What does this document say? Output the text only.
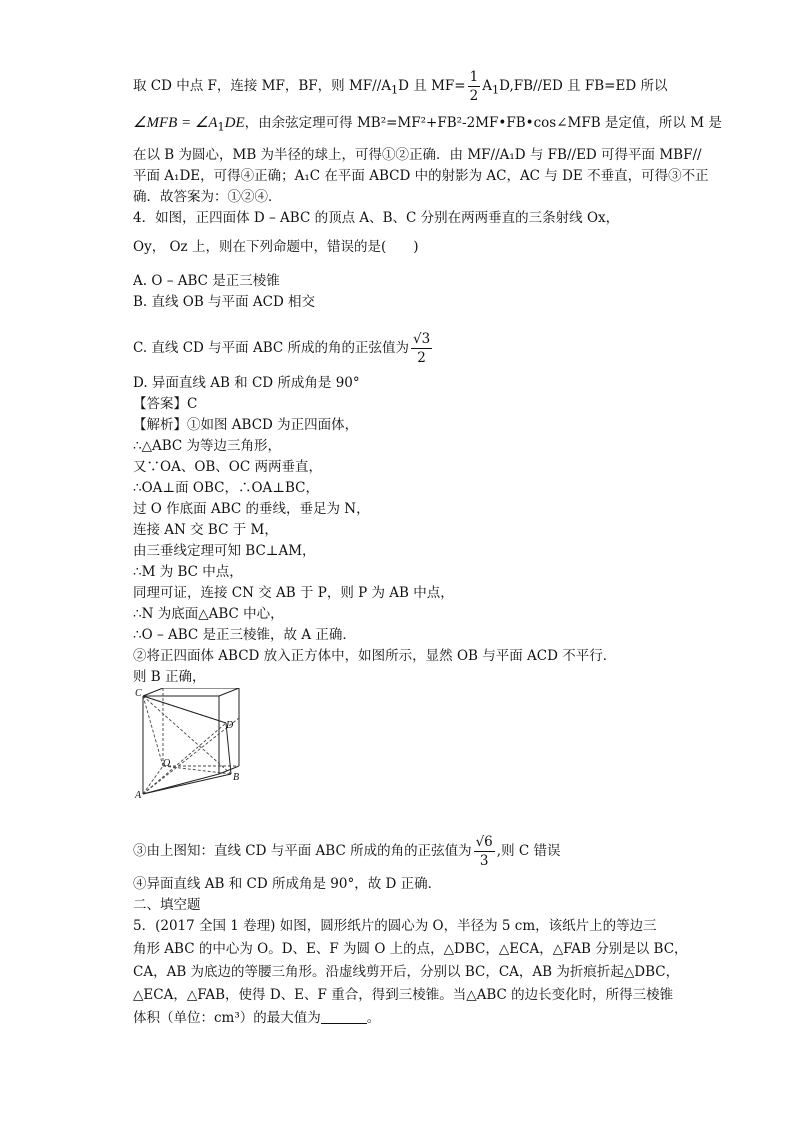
取 CD 中点 F，连接 MF，BF，则 $MF//A_1D$ 且 $MF= \frac{1}{2} A_1D,FB//ED$ 且 FB=ED 所以
∠MFB = $\angle A_1DE$，由余弦定理可得 MB²=MF²+FB²-2MF•FB•cos∠MFB 是定值，所以 M 是
在以 B 为圆心，MB 为半径的球上，可得①②正确．由 MF//A₁D 与 FB//ED 可得平面 MBF//
平面 A₁DE，可得④正确；A₁C 在平面 ABCD 中的射影为 AC，AC 与 DE 不垂直，可得③不正
确．故答案为：①②④．
4．如图，正四面体 D – ABC 的顶点 A、B、C 分别在两两垂直的三条射线 Ox，
Oy， Oz 上，则在下列命题中，错误的是(　　)
A. O – ABC 是正三棱锥
B. 直线 OB 与平面 ACD 相交
C. 直线 CD 与平面 ABC 所成的角的正弦值为 $\frac{√3}{2}$
D. 异面直线 AB 和 CD 所成角是 90°
【答案】C
【解析】①如图 ABCD 为正四面体，
∴△ABC 为等边三角形，
又∵OA、OB、OC 两两垂直，
∴OA⊥面 OBC，∴OA⊥BC，
过 O 作底面 ABC 的垂线，垂足为 N，
连接 AN 交 BC 于 M，
由三垂线定理可知 BC⊥AM，
∴M 为 BC 中点，
同理可证，连接 CN 交 AB 于 P，则 P 为 AB 中点，
∴N 为底面△ABC 中心，
∴O – ABC 是正三棱锥，故 A 正确．
②将正四面体 ABCD 放入正方体中，如图所示，显然 OB 与平面 ACD 不平行．
则 B 正确，
C
D
O
B
A
③由上图知：直线 CD 与平面 ABC 所成的角的正弦值为 $\frac{√6}{3}$ ,则 C 错误
④异面直线 AB 和 CD 所成角是 90°，故 D 正确．
二、填空题
5．(2017 全国 1 卷理) 如图，圆形纸片的圆心为 O，半径为 5 cm，该纸片上的等边三
角形 ABC 的中心为 O。D、E、F 为圆 O 上的点，△DBC，△ECA，△FAB 分别是以 BC，
CA，AB 为底边的等腰三角形。沿虚线剪开后，分别以 BC，CA，AB 为折痕折起△DBC，
△ECA，△FAB，使得 D、E、F 重合，得到三棱锥。当△ABC 的边长变化时，所得三棱锥
体积（单位：cm³）的最大值为	。
